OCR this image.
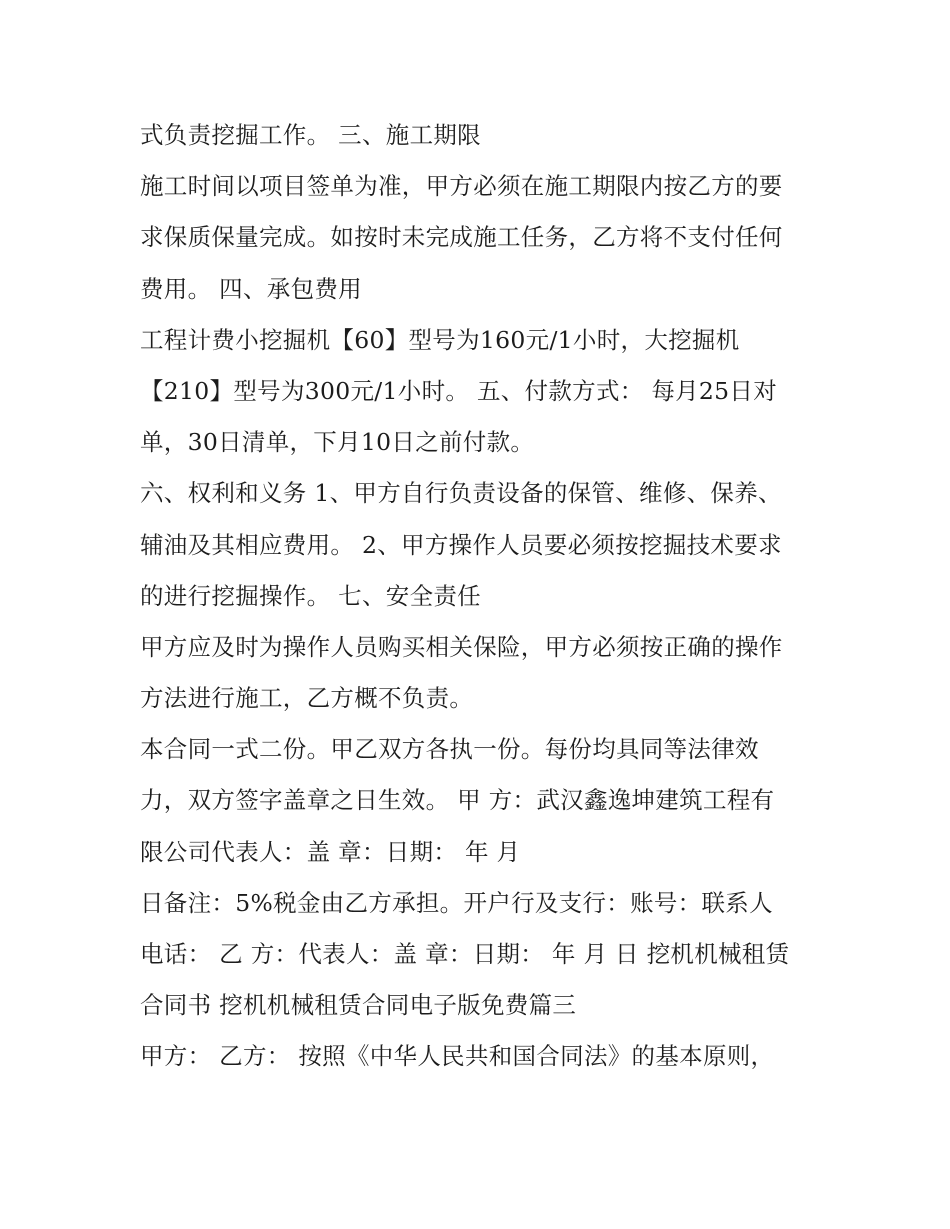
式负责挖掘工作。 三、施工期限
施工时间以项目签单为准，甲方必须在施工期限内按乙方的要
求保质保量完成。如按时未完成施工任务，乙方将不支付任何
费用。 四、承包费用
工程计费小挖掘机【60】型号为160元/1小时，大挖掘机
【210】型号为300元/1小时。 五、付款方式： 每月25日对
单，30日清单，下月10日之前付款。
六、权利和义务 1、甲方自行负责设备的保管、维修、保养、
辅油及其相应费用。 2、甲方操作人员要必须按挖掘技术要求
的进行挖掘操作。 七、安全责任
甲方应及时为操作人员购买相关保险，甲方必须按正确的操作
方法进行施工，乙方概不负责。
本合同一式二份。甲乙双方各执一份。每份均具同等法律效
力，双方签字盖章之日生效。 甲 方：武汉鑫逸坤建筑工程有
限公司代表人：盖 章：日期： 年 月
日备注：5%税金由乙方承担。开户行及支行：账号：联系人
电话： 乙 方：代表人：盖 章：日期： 年 月 日 挖机机械租赁
合同书 挖机机械租赁合同电子版免费篇三
甲方： 乙方： 按照《中华人民共和国合同法》的基本原则，
